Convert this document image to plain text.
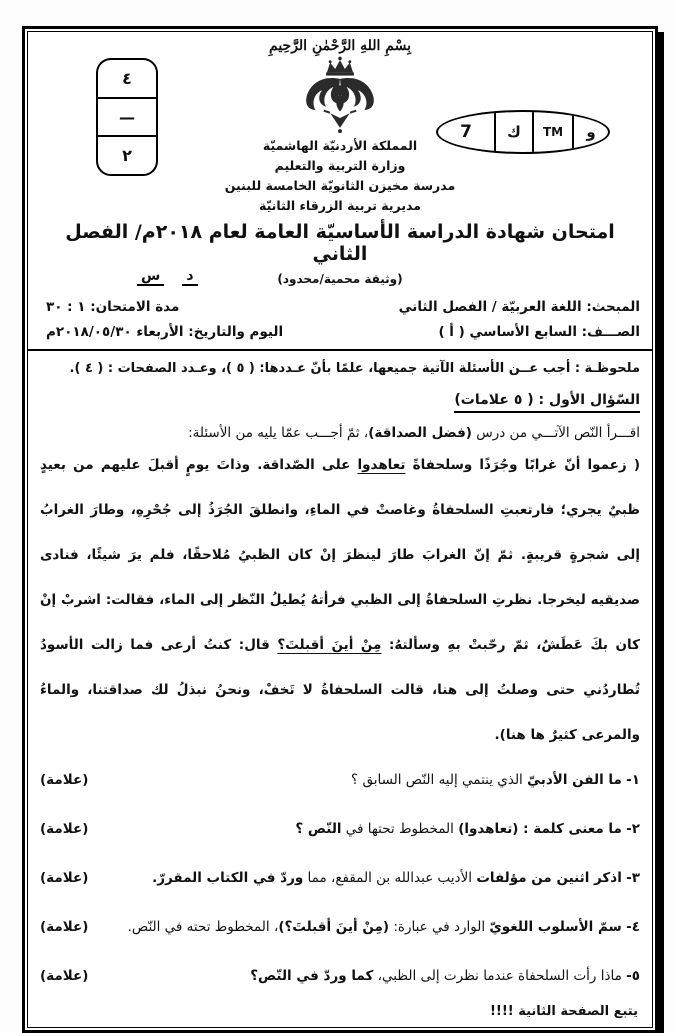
بِسْمِ اللهِ الرَّحْمٰنِ الرَّحِيمِ
المملكة الأردنيّة الهاشميّة
وزارة التربية والتعليم
مدرسة مخيزن الثانويّة الخامسة للبنين
مديرية تربية الزرقاء الثانيّة
٤
—
٢
و
TM
ك
7
امتحان شهادة الدراسة الأساسيّة العامة لعام ٢٠١٨م/ الفصل الثاني
(وثيقة محمية/محدود)
دس
المبحث: اللغة العربيّة / الفصل الثاني
الصـــف: السابع الأساسي ( أ )
مدة الامتحان: ٣٠ : ١
اليوم والتاريخ: الأربعاء ٢٠١٨/٠٥/٣٠م
ملحوظـة : أجب عــن الأسئلة الآتية جميعها، علمًا بأنّ عـددها: ( ٥ )، وعـدد الصفحات : ( ٤ ).
السّؤال الأول : ( ٥ علامات)
اقـــرأ النّص الآتـــي من درس (فضل الصداقة)، ثمّ أجـــب عمّا يليه من الأسئلة:
( زعموا أنّ غرابًا وجُرَذًا وسلحفاةً تعاهدوا على الصّداقة. وذاتَ يومٍ أقبلَ عليهم من بعيدٍ ظبيٌ يجري؛ فارتعبتِ السلحفاةُ وغاصتْ في الماءِ، وانطلقَ الجُرَذُ إلى جُحْرِهِ، وطارَ الغرابُ إلى شجرةٍ قريبةٍ. ثمّ إنّ الغرابَ طارَ لينظرَ إنْ كان الظبيُ مُلاحقًا، فلم يرَ شيئًا، فنادى صديقيه ليخرجا. نظرتِ السلحفاةُ إلى الظبي فرأتهُ يُطيلُ النّظر إلى الماء، فقالت: اشربْ إنْ كان بكَ عَطَشٌ، ثمّ رحّبتْ بهِ وسألتهُ: مِنْ أينَ أقبلتَ؟ قال: كنتُ أرعى فما زالت الأسودُ تُطاردُني حتى وصلتُ إلى هنا، قالت السلحفاةُ لا تَخفْ، ونحنُ نبذلُ لك صداقتنا، والماءُ والمرعى كثيرٌ ها هنا).
١- ما الفن الأدبيّ الذي ينتمي إليه النّص السابق ؟
(علامة)
٢- ما معنى كلمة : (تعاهدوا) المخطوط تحتها في النّص ؟
(علامة)
٣- اذكر اثنين من مؤلفات الأديب عبدالله بن المقفع، مما وردّ في الكتاب المقررّ.
(علامة)
٤- سمّ الأسلوب اللغويّ الوارد في عبارة: (مِنْ أينَ أقبلتَ؟)، المخطوط تحته في النّص.
(علامة)
٥- ماذا رأت السلحفاة عندما نظرت إلى الظبي، كما وردّ في النّص؟
(علامة)
يتبع الصفحة الثانية !!!!
